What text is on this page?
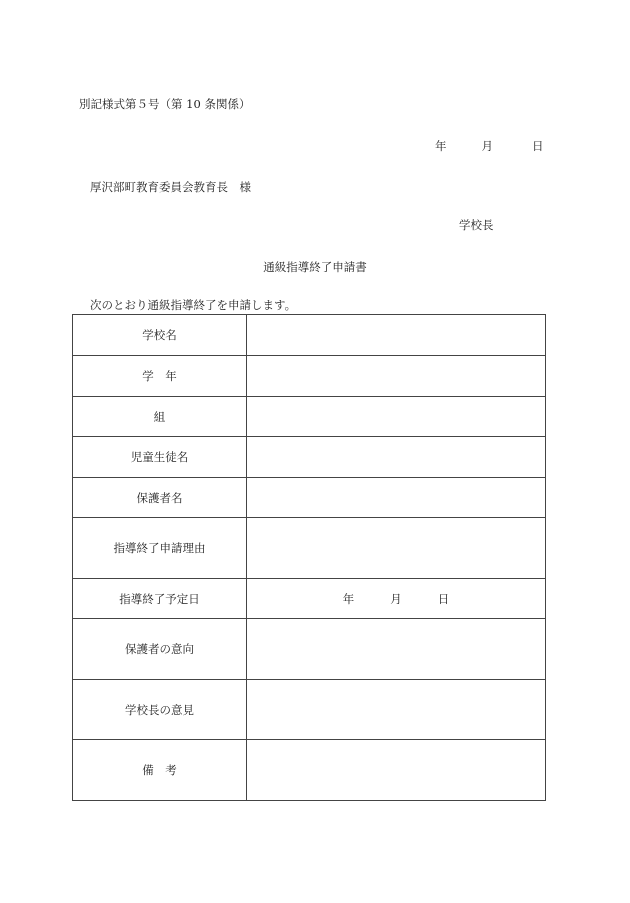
別記様式第５号（第 10 条関係）
年	月	日
厚沢部町教育委員会教育長　様
学校長
通級指導終了申請書
次のとおり通級指導終了を申請します。
学校名	
学　年	
組	
児童生徒名	
保護者名	
指導終了申請理由	
指導終了予定日	年 月 日
保護者の意向	
学校長の意見	
備　考	
